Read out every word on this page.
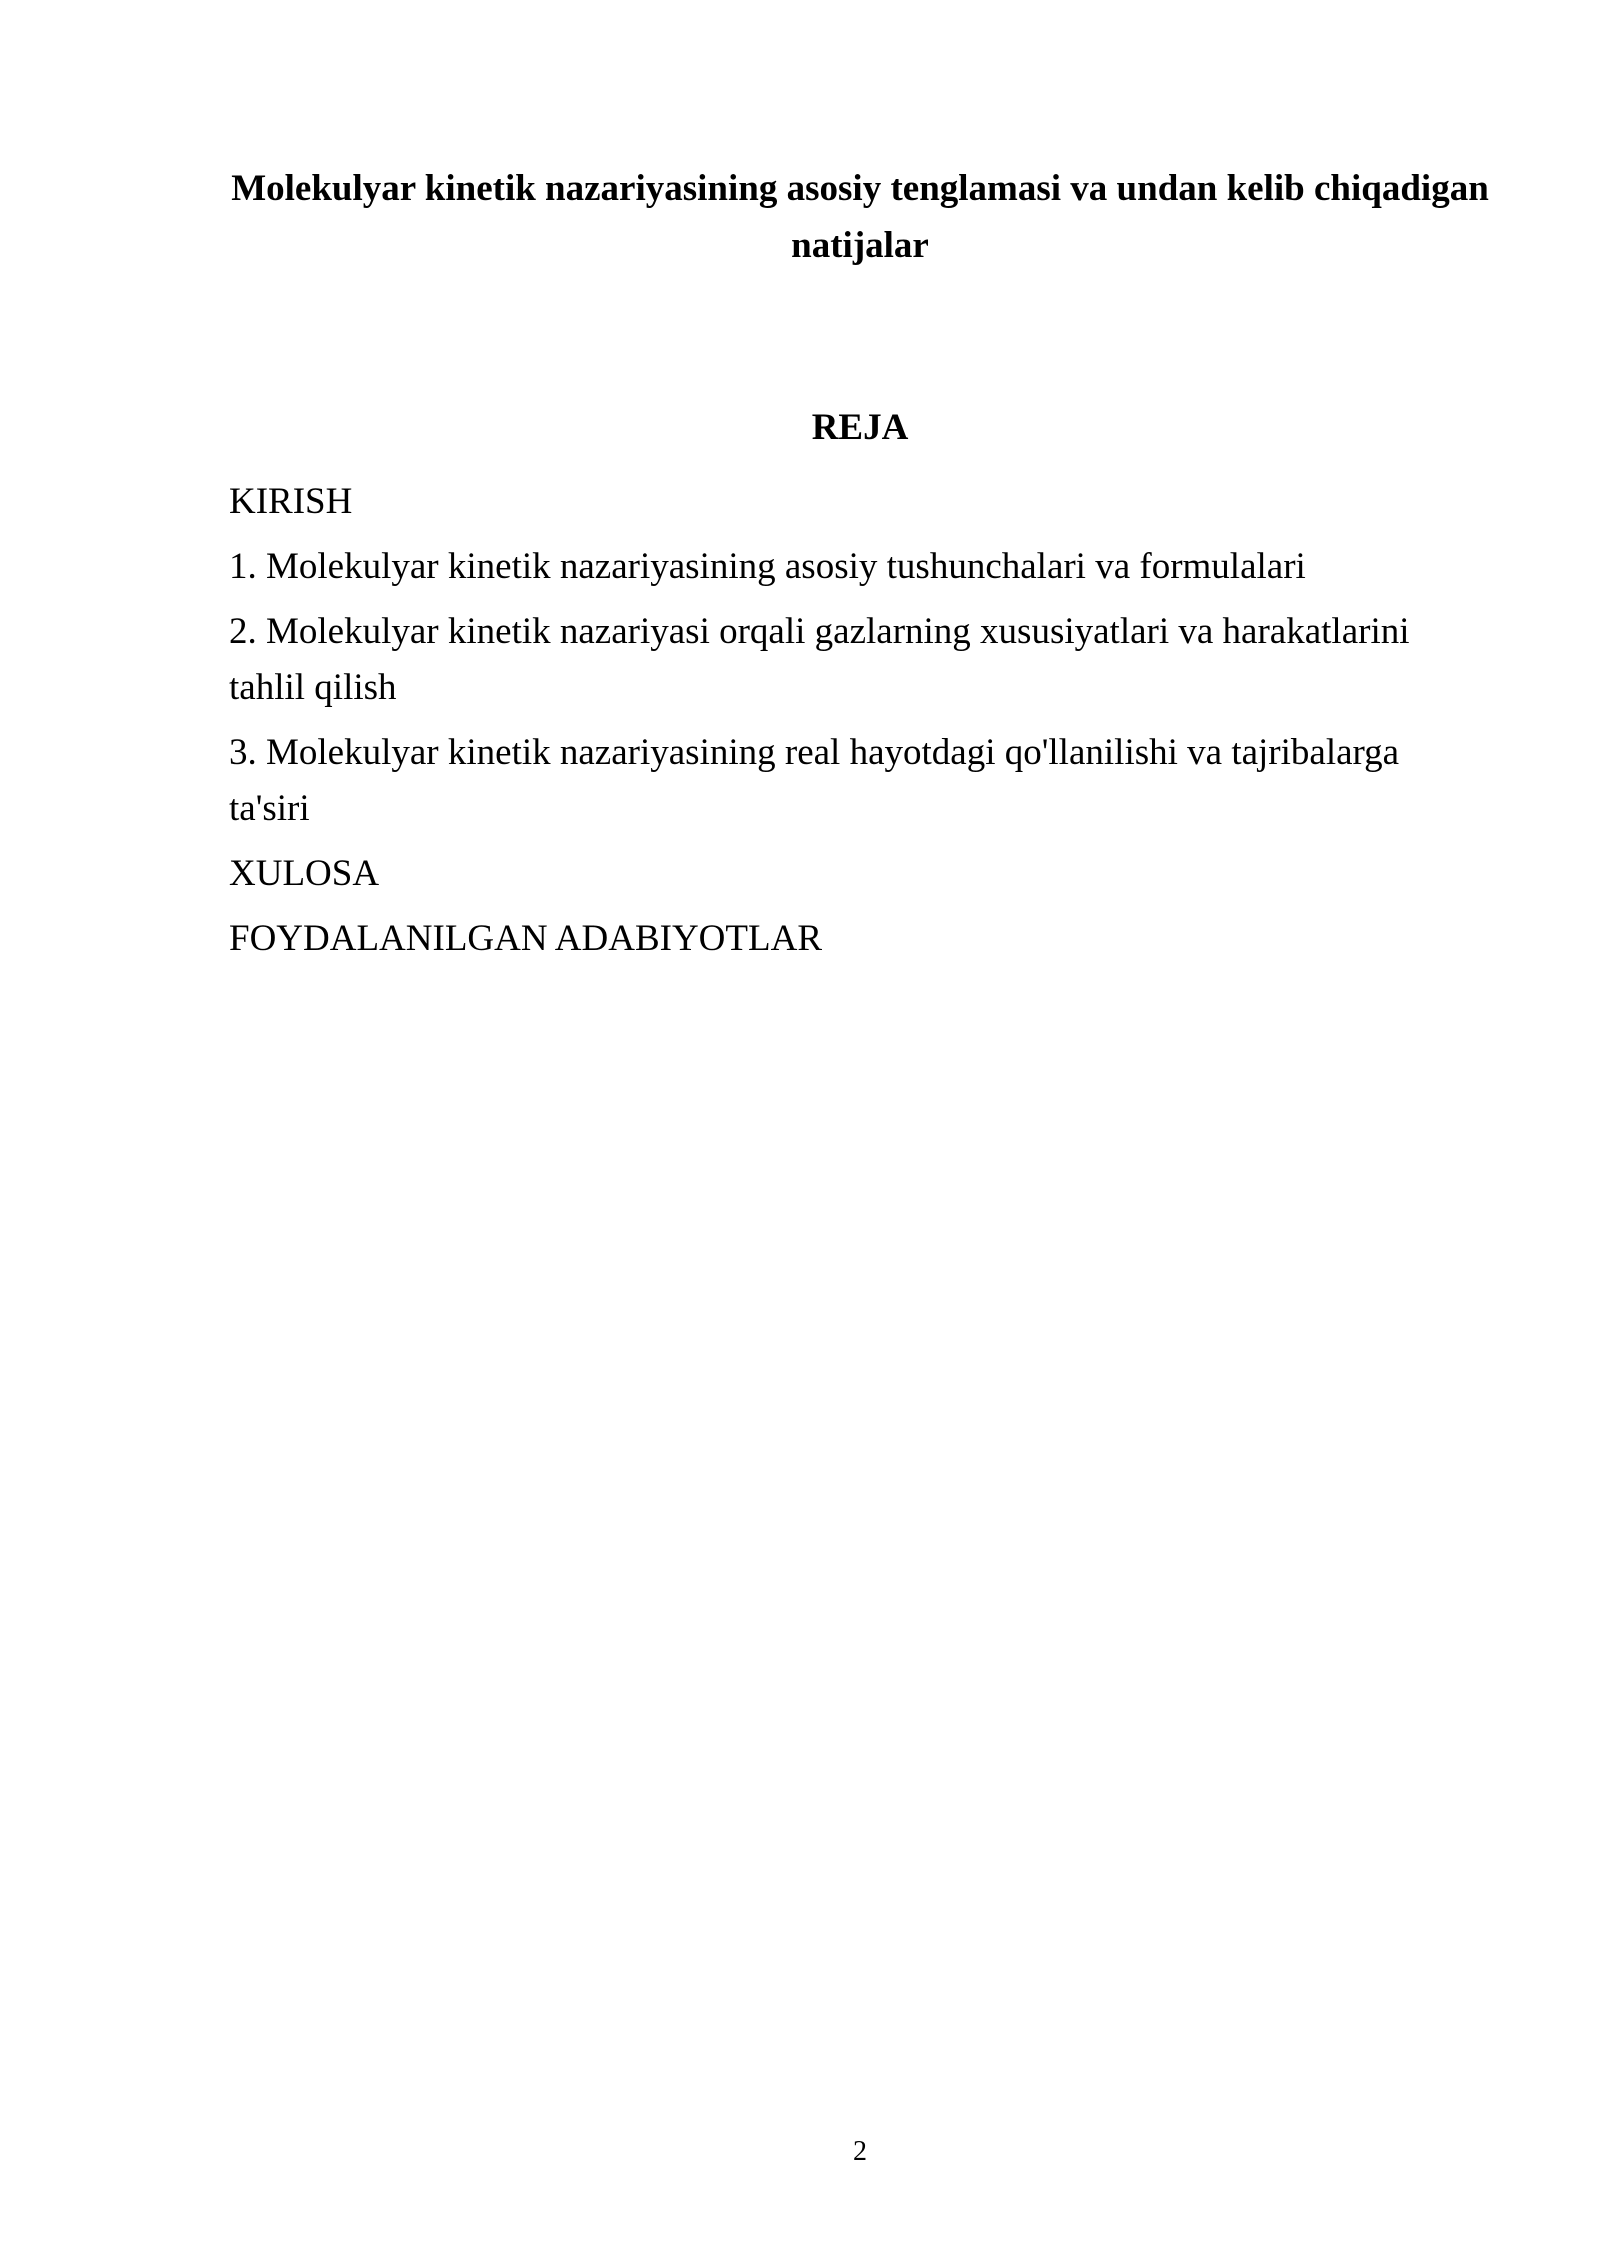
Molekulyar kinetik nazariyasining asosiy tenglamasi va undan kelib chiqadigan natijalar
REJA
KIRISH
1. Molekulyar kinetik nazariyasining asosiy tushunchalari va formulalari
2. Molekulyar kinetik nazariyasi orqali gazlarning xususiyatlari va harakatlarini tahlil qilish
3. Molekulyar kinetik nazariyasining real hayotdagi qo'llanilishi va tajribalarga ta'siri
XULOSA
FOYDALANILGAN ADABIYOTLAR
2
